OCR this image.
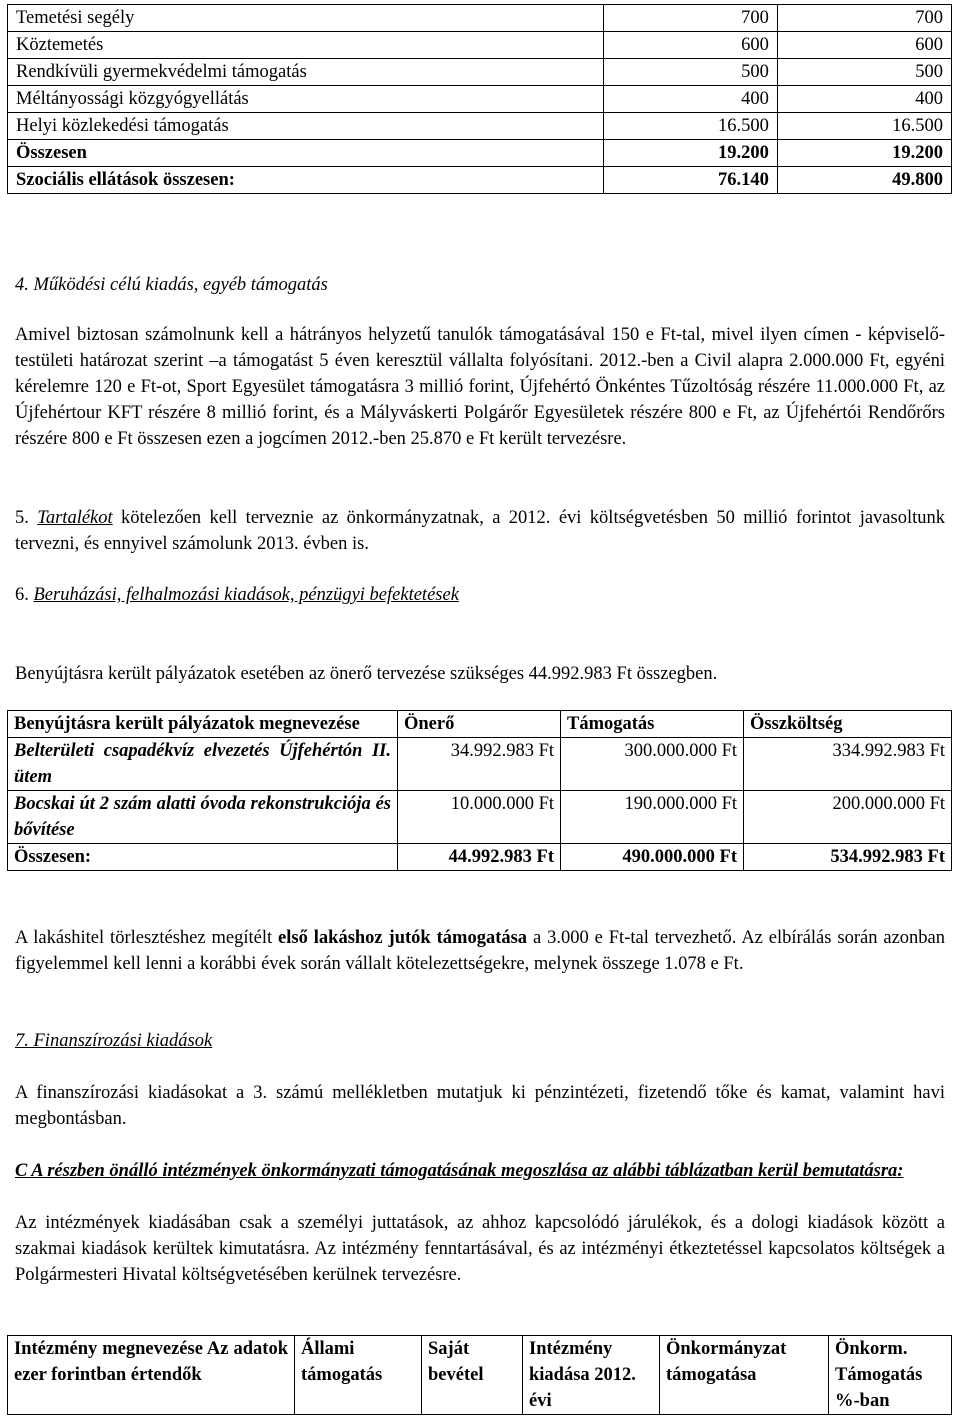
Temetési segély	700	700
Köztemetés	600	600
Rendkívüli gyermekvédelmi támogatás	500	500
Méltányossági közgyógyellátás	400	400
Helyi közlekedési támogatás	16.500	16.500
Összesen	19.200	19.200
Szociális ellátások összesen:	76.140	49.800
4. Működési célú kiadás, egyéb támogatás
Amivel biztosan számolnunk kell a hátrányos helyzetű tanulók támogatásával 150 e Ft-tal, mivel ilyen címen - képviselő-testületi határozat szerint –a támogatást 5 éven keresztül vállalta folyósítani. 2012.-ben a Civil alapra 2.000.000 Ft, egyéni kérelemre 120 e Ft-ot, Sport Egyesület támogatásra 3 millió forint, Újfehértó Önkéntes Tűzoltóság részére 11.000.000 Ft, az Újfehértour KFT részére 8 millió forint, és a Mályváskerti Polgárőr Egyesületek részére 800 e Ft, az Újfehértói Rendőrőrs részére 800 e Ft összesen ezen a jogcímen 2012.-ben 25.870 e Ft került tervezésre.
5. Tartalékot kötelezően kell terveznie az önkormányzatnak, a 2012. évi költségvetésben 50 millió forintot javasoltunk tervezni, és ennyivel számolunk 2013. évben is.
6. Beruházási, felhalmozási kiadások, pénzügyi befektetések
Benyújtásra került pályázatok esetében az önerő tervezése szükséges 44.992.983 Ft összegben.
Benyújtásra került pályázatok megnevezése	Önerő	Támogatás	Összköltség
Belterületi csapadékvíz elvezetés Újfehértón II. ütem	34.992.983 Ft	300.000.000 Ft	334.992.983 Ft
Bocskai út 2 szám alatti óvoda rekonstrukciója és bővítése	10.000.000 Ft	190.000.000 Ft	200.000.000 Ft
Összesen:	44.992.983 Ft	490.000.000 Ft	534.992.983 Ft
A lakáshitel törlesztéshez megítélt első lakáshoz jutók támogatása a 3.000 e Ft-tal tervezhető. Az elbírálás során azonban figyelemmel kell lenni a korábbi évek során vállalt kötelezettségekre, melynek összege 1.078 e Ft.
7. Finanszírozási kiadások
A finanszírozási kiadásokat a 3. számú mellékletben mutatjuk ki pénzintézeti, fizetendő tőke és kamat, valamint havi megbontásban.
C A részben önálló intézmények önkormányzati támogatásának megoszlása az alábbi táblázatban kerül bemutatásra:
Az intézmények kiadásában csak a személyi juttatások, az ahhoz kapcsolódó járulékok, és a dologi kiadások között a szakmai kiadások kerültek kimutatásra. Az intézmény fenntartásával, és az intézményi étkeztetéssel kapcsolatos költségek a Polgármesteri Hivatal költségvetésében kerülnek tervezésre.
Intézmény megnevezése Az adatok ezer forintban értendők	Állami támogatás	Saját bevétel	Intézmény kiadása 2012. évi	Önkormányzat támogatása	Önkorm. Támogatás %-ban
